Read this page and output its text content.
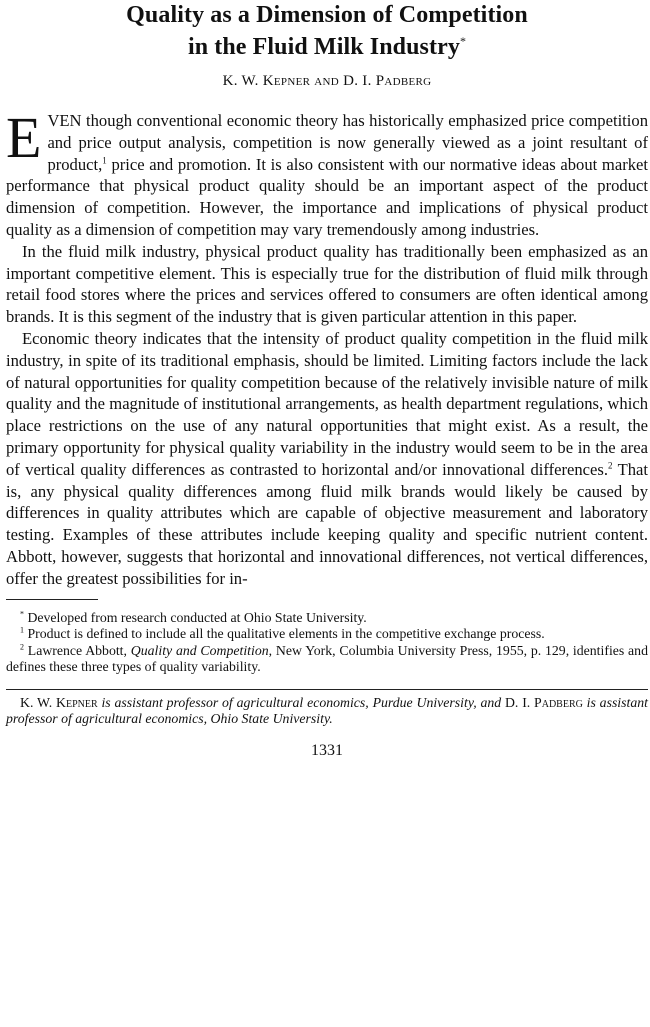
Quality as a Dimension of Competition
in the Fluid Milk Industry*
K. W. Kepner and D. I. Padberg

EVEN though conventional economic theory has historically emphasized price competition and price output analysis, competition is now generally viewed as a joint resultant of product,$^1$ price and promotion. It is also consistent with our normative ideas about market performance that physical product quality should be an important aspect of the product dimension of competition. However, the importance and implications of physical product quality as a dimension of competition may vary tremendously among industries.

In the fluid milk industry, physical product quality has traditionally been emphasized as an important competitive element. This is especially true for the distribution of fluid milk through retail food stores where the prices and services offered to consumers are often identical among brands. It is this segment of the industry that is given particular attention in this paper.

Economic theory indicates that the intensity of product quality competition in the fluid milk industry, in spite of its traditional emphasis, should be limited. Limiting factors include the lack of natural opportunities for quality competition because of the relatively invisible nature of milk quality and the magnitude of institutional arrangements, as health department regulations, which place restrictions on the use of any natural opportunities that might exist. As a result, the primary opportunity for physical quality variability in the industry would seem to be in the area of vertical quality differences as contrasted to horizontal and/or innovational differences.$^2$ That is, any physical quality differences among fluid milk brands would likely be caused by differences in quality attributes which are capable of objective measurement and laboratory testing. Examples of these attributes include keeping quality and specific nutrient content. Abbott, however, suggests that horizontal and innovational differences, not vertical differences, offer the greatest possibilities for in-

* Developed from research conducted at Ohio State University.

$^1$ Product is defined to include all the qualitative elements in the competitive exchange process.

$^2$ Lawrence Abbott, Quality and Competition, New York, Columbia University Press, 1955, p. 129, identifies and defines these three types of quality variability.

K. W. Kepner is assistant professor of agricultural economics, Purdue University, and D. I. Padberg is assistant professor of agricultural economics, Ohio State University.
1331
